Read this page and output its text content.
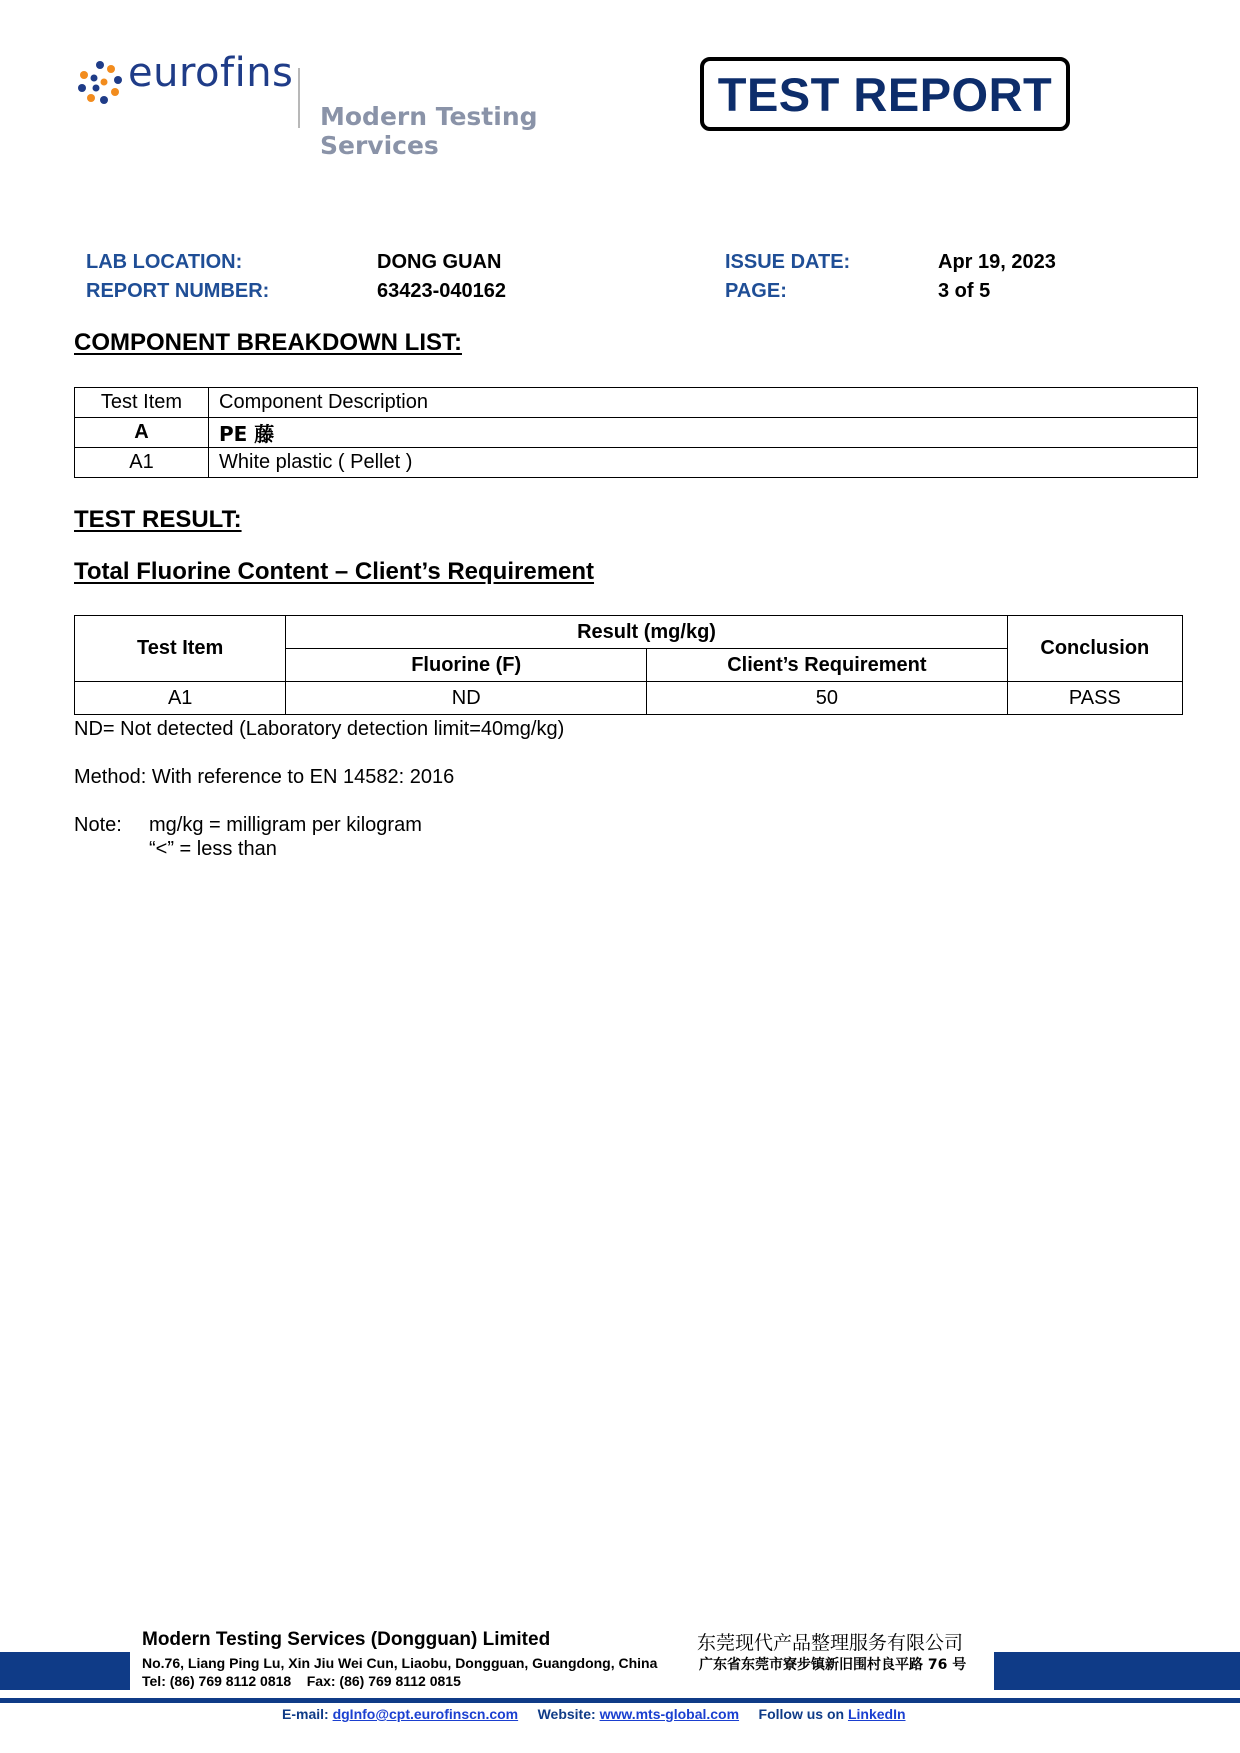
eurofins
Modern Testing Services
TEST REPORT
LAB LOCATION:	DONG GUAN
REPORT NUMBER:	63423-040162
ISSUE DATE:	Apr 19, 2023
PAGE:	3 of 5
COMPONENT BREAKDOWN LIST:
Test Item	Component Description
A	PE 藤
A1	White plastic ( Pellet )
TEST RESULT:
Total Fluorine Content – Client’s Requirement
Test Item	Result (mg/kg)		Conclusion
	Fluorine (F)	Client’s Requirement	
A1	ND	50	PASS
ND= Not detected (Laboratory detection limit=40mg/kg)
Method: With reference to EN 14582: 2016
Note: mg/kg = milligram per kilogram
“<” = less than
Modern Testing Services (Dongguan) Limited
No.76, Liang Ping Lu, Xin Jiu Wei Cun, Liaobu, Dongguan, Guangdong, China
Tel: (86) 769 8112 0818 Fax: (86) 769 8112 0815
东莞现代产品整理服务有限公司
广东省东莞市寮步镇新旧围村良平路 76 号
E-mail: dgInfo@cpt.eurofinscn.com Website: www.mts-global.com Follow us on LinkedIn
